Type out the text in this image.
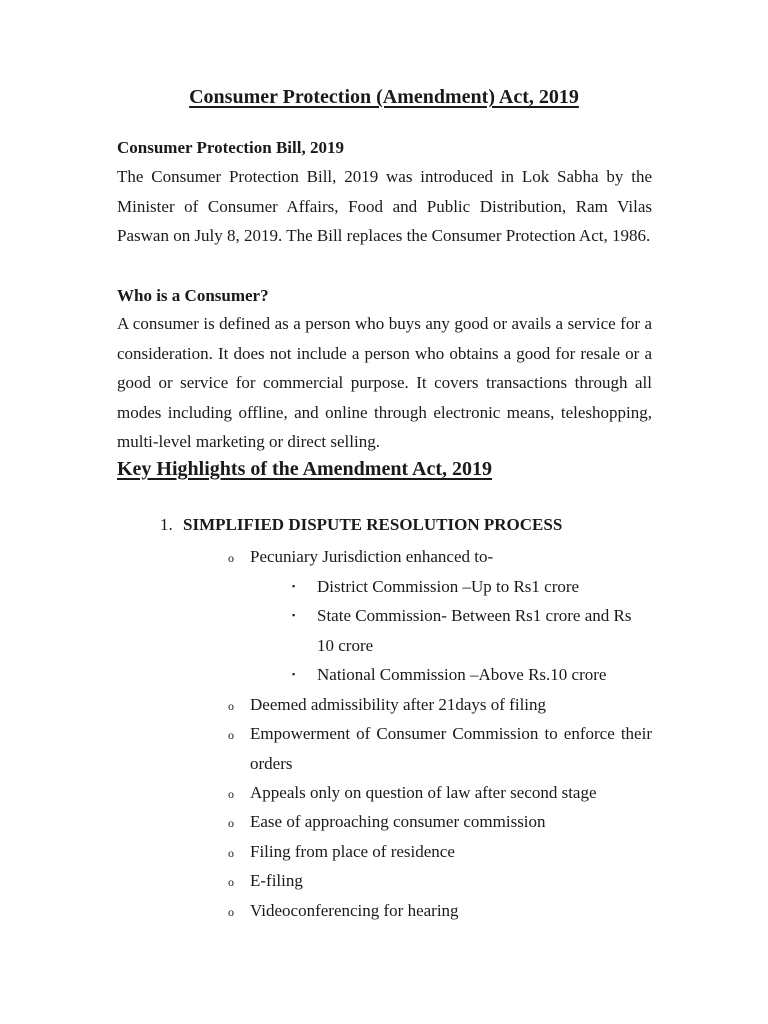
Consumer Protection (Amendment) Act, 2019
Consumer Protection Bill, 2019

The Consumer Protection Bill, 2019 was introduced in Lok Sabha by the Minister of Consumer Affairs, Food and Public Distribution, Ram Vilas Paswan on July 8, 2019. The Bill replaces the Consumer Protection Act, 1986.

Who is a Consumer?

A consumer is defined as a person who buys any good or avails a service for a consideration. It does not include a person who obtains a good for resale or a good or service for commercial purpose. It covers transactions through all modes including offline, and online through electronic means, teleshopping, multi-level marketing or direct selling.

Key Highlights of the Amendment Act, 2019
1. SIMPLIFIED DISPUTE RESOLUTION PROCESS
o Pecuniary Jurisdiction enhanced to-
▪ District Commission –Up to Rs1 crore
▪ State Commission- Between Rs1 crore and Rs 10 crore
▪ National Commission –Above Rs.10 crore
o Deemed admissibility after 21days of filing
o Empowerment of Consumer Commission to enforce their orders
o Appeals only on question of law after second stage
o Ease of approaching consumer commission
o Filing from place of residence
o E-filing
o Videoconferencing for hearing
